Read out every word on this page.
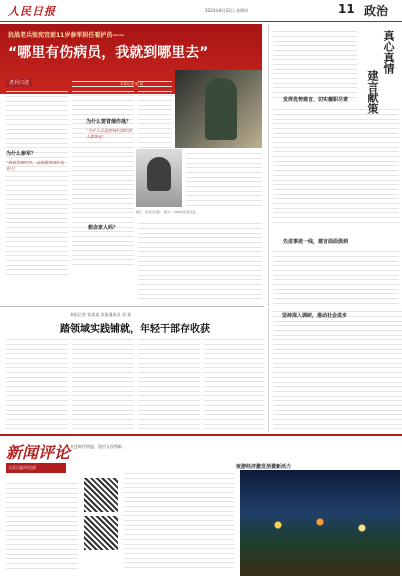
人民日报	2024年8月22日 星期四	11 政治
抗战老兵张宪宜前11岁参军担任看护员——
“哪里有伤病员，我就到哪里去”
本报记者 陈 园
老兵口述
为什么参军？
“我家里那时穷，以前跑进部队也有人”
为什么要冒烟作战？
“为什么总是把我们部队的人都带走”
图①：张宪宜近照。 图②：1949年的张宪宜。
想念家人吗？
发挥优势建言，切实履职尽责
先进事迹一线，建言面面俱到
真心真情
建言献策
坚持深入调研，推动社会进步
本报记者 张某某 本报通讯员 刘 某
踏领域实践铺就，年轻干部存收获
新闻评论 关注时代所思，回应人民所盼
人民日报评论部	夜游经济激发消费新活力
